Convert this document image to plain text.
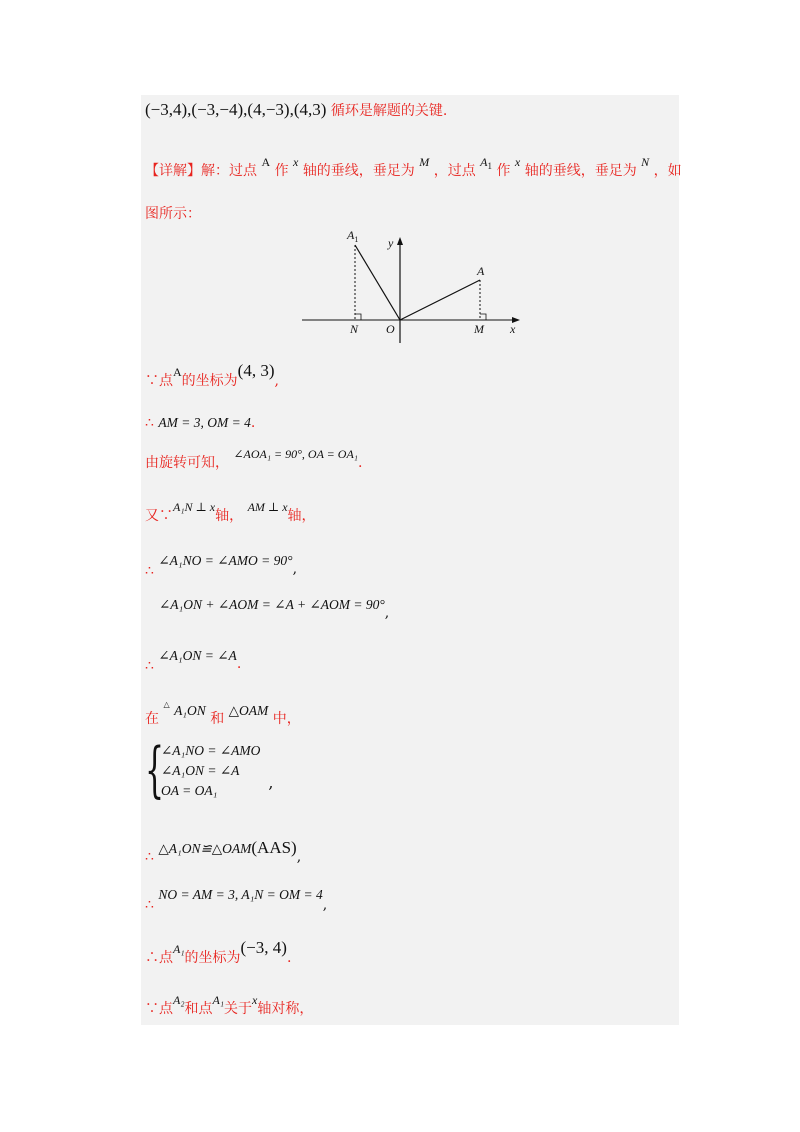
(−3,4),(−3,−4),(4,−3),(4,3) 循环是解题的关键.
【详解】解：过点 A 作 x 轴的垂线，垂足为 M ，过点 $A_1$ 作 x 轴的垂线，垂足为 N ，如
图所示：
$A_1$ y
A
N O	M x
∵点A的坐标为(4, 3),
∴ AM = 3, OM = 4.
由旋转可知， ∠AOA₁ = 90°, OA = OA₁.
又∵A₁N ⊥ x轴， AM ⊥ x轴，
∴ ∠A₁NO = ∠AMO = 90°,
∠A₁ON + ∠AOM = ∠A + ∠AOM = 90°,
∴ ∠A₁ON = ∠A.
在 △ A₁ON 和 △OAM 中，
{
∠A₁NO = ∠AMO
∠A₁ON = ∠A
OA = OA₁	,
∴ △A₁ON≌△OAM(AAS),
∴ NO = AM = 3, A₁N = OM = 4,
∴点A₁的坐标为(−3, 4).
∵点A₂和点A₁关于x轴对称，
